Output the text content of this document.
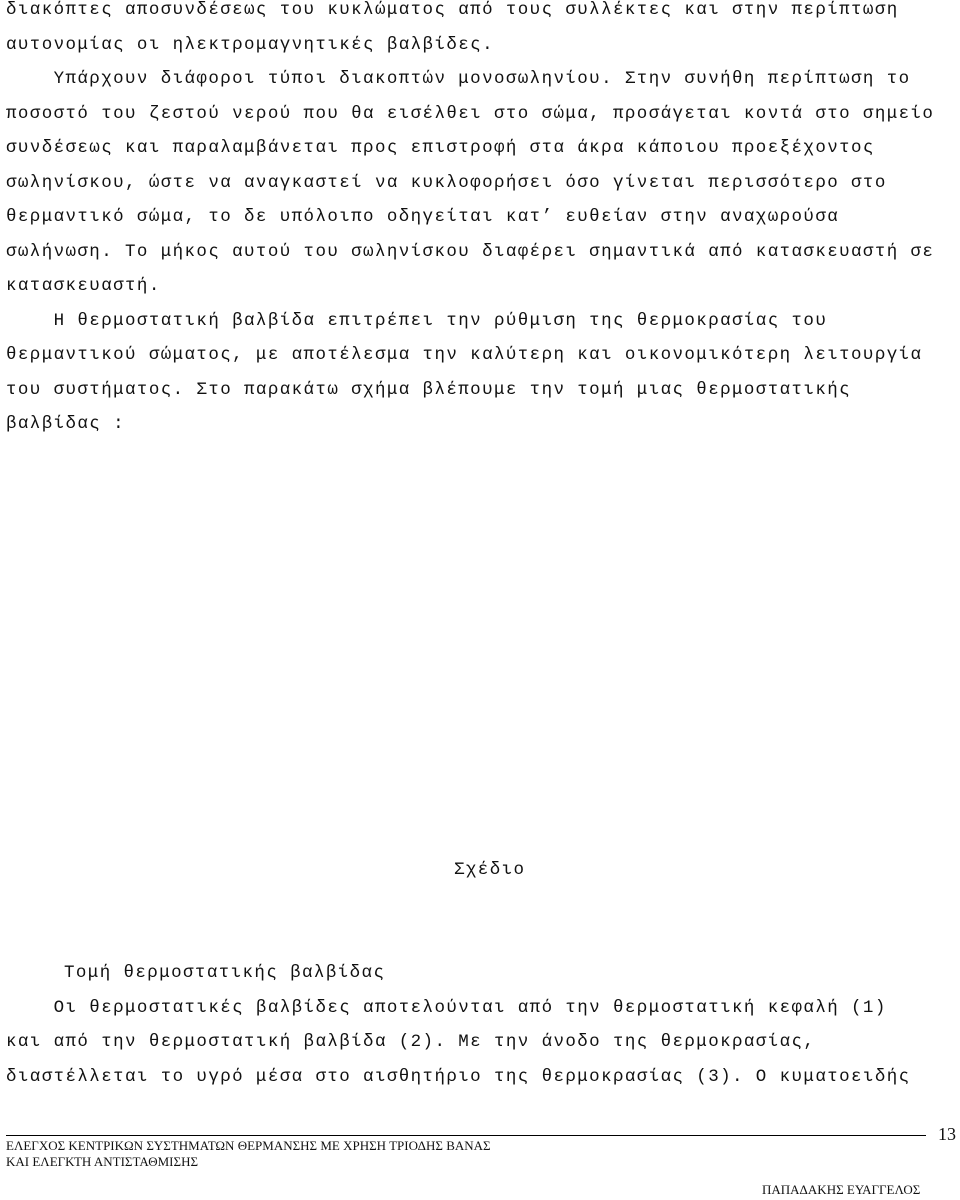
διακόπτες αποσυνδέσεως του κυκλώματος από τους συλλέκτες και στην περίπτωση
αυτονομίας οι ηλεκτρομαγνητικές βαλβίδες.
Υπάρχουν διάφοροι τύποι διακοπτών μονοσωληνίου. Στην συνήθη περίπτωση το
ποσοστό του ζεστού νερού που θα εισέλθει στο σώμα, προσάγεται κοντά στο σημείο
συνδέσεως και παραλαμβάνεται προς επιστροφή στα άκρα κάποιου προεξέχοντος
σωληνίσκου, ώστε να αναγκαστεί να κυκλοφορήσει όσο γίνεται περισσότερο στο
θερμαντικό σώμα, το δε υπόλοιπο οδηγείται κατ’ ευθείαν στην αναχωρούσα
σωλήνωση. Το μήκος αυτού του σωληνίσκου διαφέρει σημαντικά από κατασκευαστή σε
κατασκευαστή.
Η θερμοστατική βαλβίδα επιτρέπει την ρύθμιση της θερμοκρασίας του
θερμαντικού σώματος, με αποτέλεσμα την καλύτερη και οικονομικότερη λειτουργία
του συστήματος. Στο παρακάτω σχήμα βλέπουμε την τομή μιας θερμοστατικής
βαλβίδας :
Σχέδιο
Τομή θερμοστατικής βαλβίδας
Οι θερμοστατικές βαλβίδες αποτελούνται από την θερμοστατική κεφαλή (1)
και από την θερμοστατική βαλβίδα (2). Με την άνοδο της θερμοκρασίας,
διαστέλλεται το υγρό μέσα στο αισθητήριο της θερμοκρασίας (3). Ο κυματοειδής
ΕΛΕΓΧΟΣ ΚΕΝΤΡΙΚΩΝ ΣΥΣΤΗΜΑΤΩΝ ΘΕΡΜΑΝΣΗΣ ΜΕ ΧΡΗΣΗ ΤΡΙΟΔΗΣ ΒΑΝΑΣ
ΚΑΙ ΕΛΕΓΚΤΗ ΑΝΤΙΣΤΑΘΜΙΣΗΣ
13
ΠΑΠΑΔΑΚΗΣ ΕΥΑΓΓΕΛΟΣ
